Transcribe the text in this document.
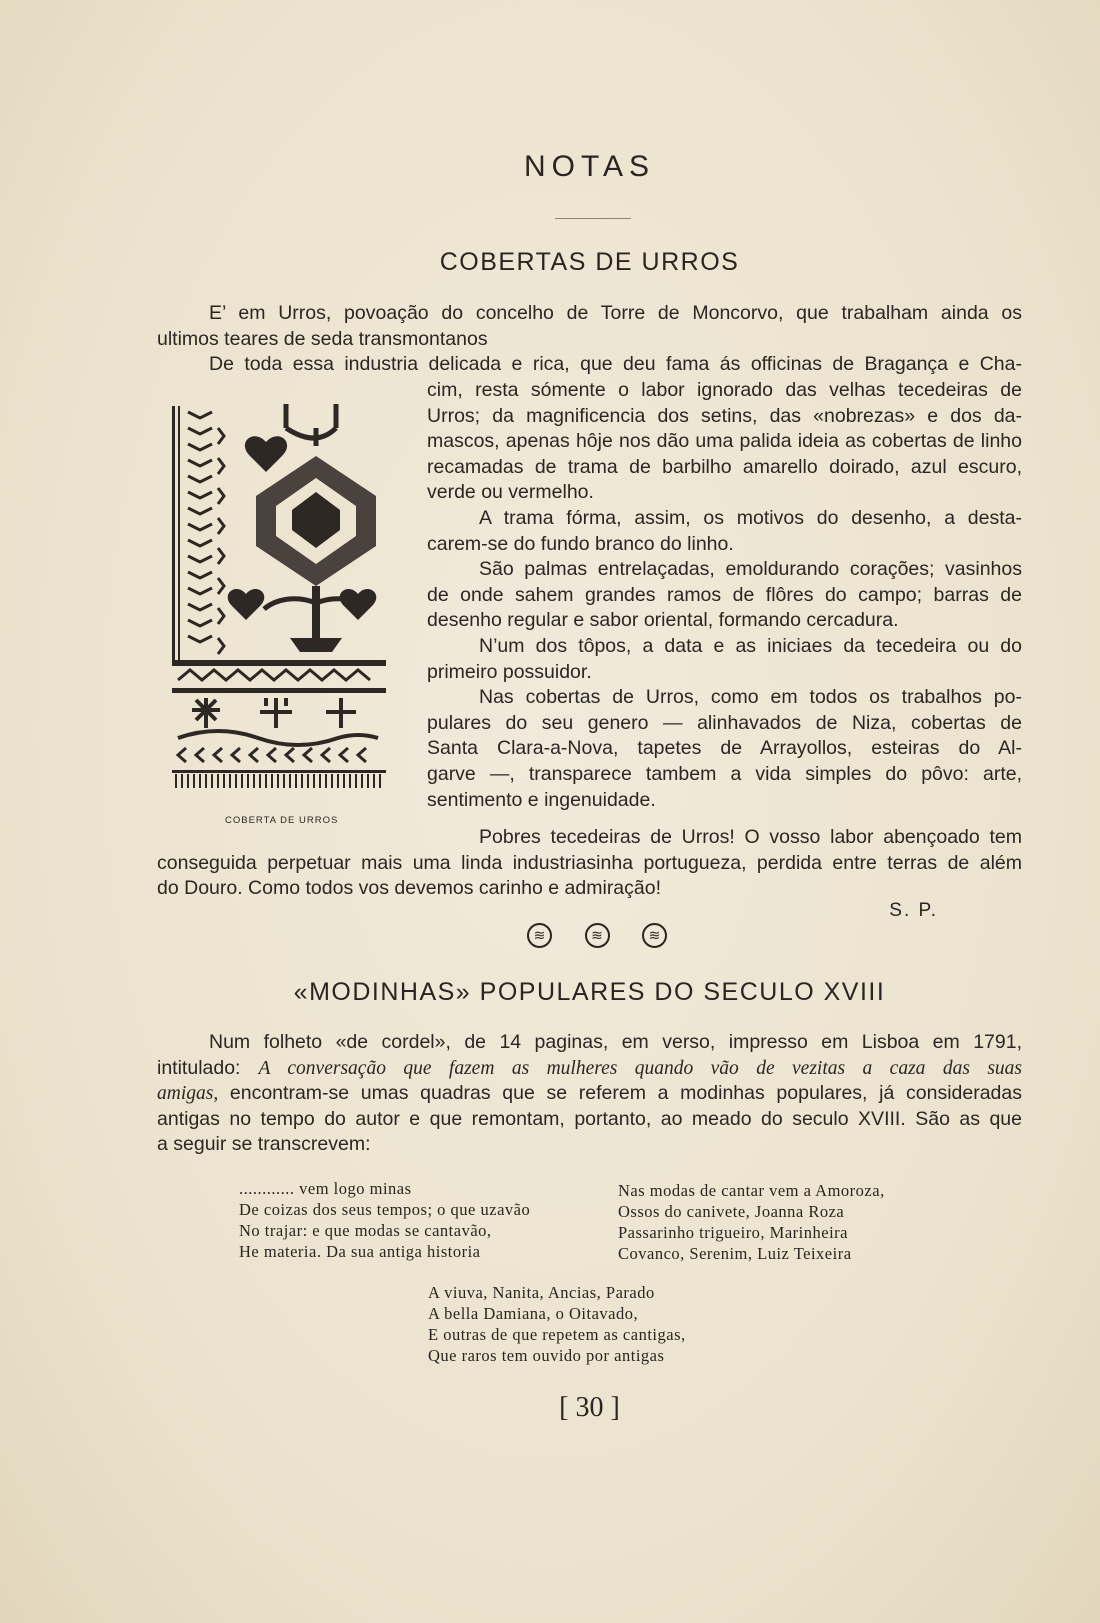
NOTAS
COBERTAS DE URROS
E’ em Urros, povoação do concelho de Torre de Moncorvo, que trabalham ainda os
ultimos teares de seda transmontanos
De toda essa industria delicada e rica, que deu fama ás officinas de Bragança e Cha-
cim, resta sómente o labor ignorado das velhas tecedeiras de
Urros; da magnificencia dos setins, das «nobrezas» e dos da-
mascos, apenas hôje nos dão uma palida ideia as cobertas de linho
recamadas de trama de barbilho amarello doirado, azul escuro,
verde ou vermelho.
A trama fórma, assim, os motivos do desenho, a desta-
carem-se do fundo branco do linho.
São palmas entrelaçadas, emoldurando corações; vasinhos
de onde sahem grandes ramos de flôres do campo; barras de
desenho regular e sabor oriental, formando cercadura.
N’um dos tôpos, a data e as iniciaes da tecedeira ou do
primeiro possuidor.
Nas cobertas de Urros, como em todos os trabalhos po-
pulares do seu genero — alinhavados de Niza, cobertas de
Santa Clara-a-Nova, tapetes de Arrayollos, esteiras do Al-
garve —, transparece tambem a vida simples do pôvo: arte,
sentimento e ingenuidade.
Pobres tecedeiras de Urros! O vosso labor abençoado tem
conseguida perpetuar mais uma linda industriasinha portugueza, perdida entre terras de além
do Douro. Como todos vos devemos carinho e admiração!
COBERTA DE URROS
S. P.
≋	≋	≋
«MODINHAS» POPULARES DO SECULO XVIII
Num folheto «de cordel», de 14 paginas, em verso, impresso em Lisboa em 1791,
intitulado: A conversação que fazem as mulheres quando vão de vezitas a caza das suas
amigas, encontram-se umas quadras que se referem a modinhas populares, já consideradas
antigas no tempo do autor e que remontam, portanto, ao meado do seculo XVIII. São as que
a seguir se transcrevem:
............ vem logo minas
De coizas dos seus tempos; o que uzavão
No trajar: e que modas se cantavão,
He materia. Da sua antiga historia
Nas modas de cantar vem a Amoroza,
Ossos do canivete, Joanna Roza
Passarinho trigueiro, Marinheira
Covanco, Serenim, Luiz Teixeira
A viuva, Nanita, Ancias, Parado
A bella Damiana, o Oitavado,
E outras de que repetem as cantigas,
Que raros tem ouvido por antigas
[ 30 ]
